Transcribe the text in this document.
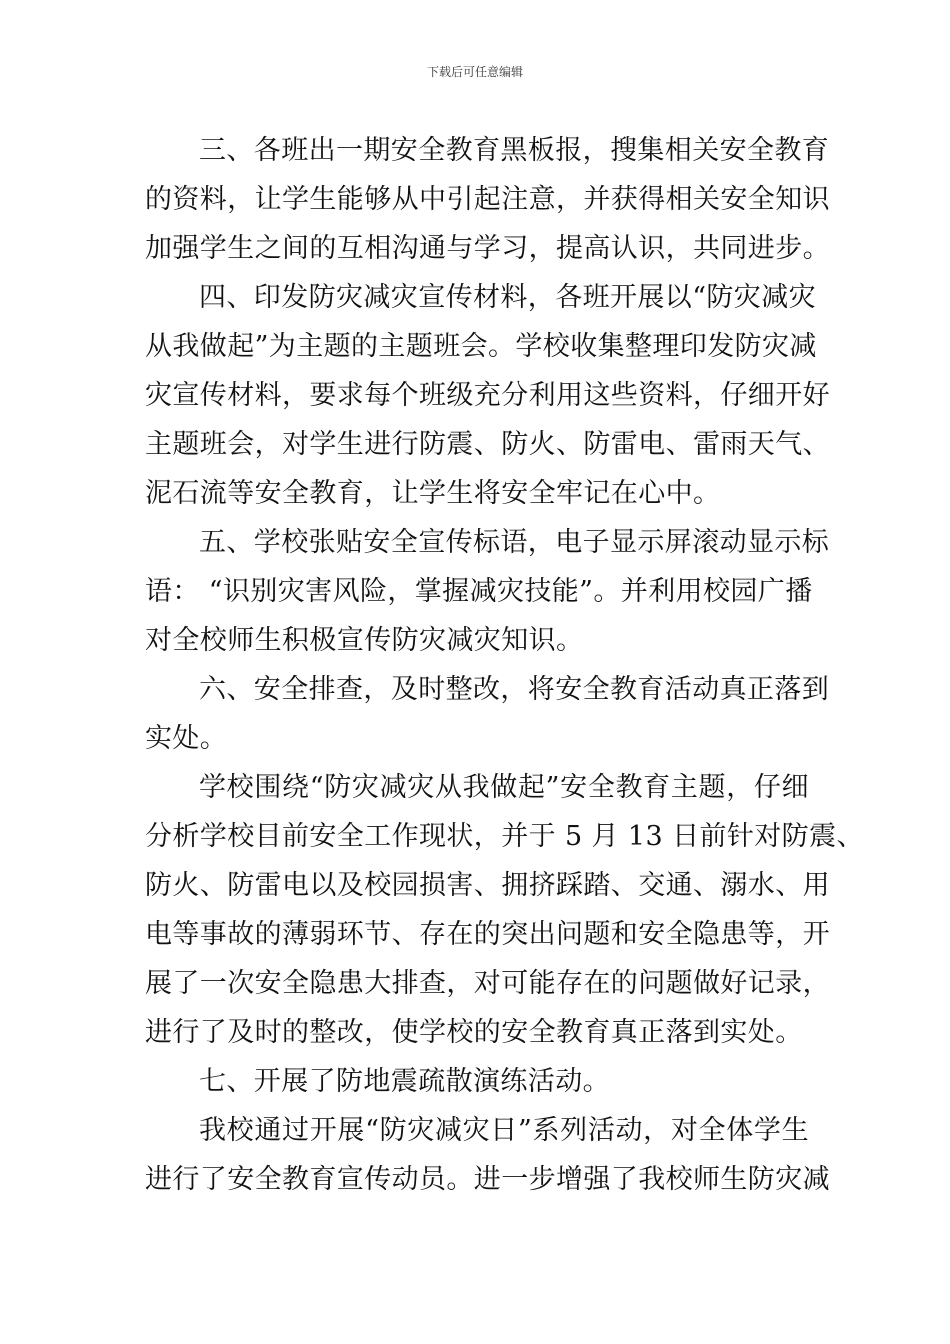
下载后可任意编辑
三、各班出一期安全教育黑板报，搜集相关安全教育
的资料，让学生能够从中引起注意，并获得相关安全知识
加强学生之间的互相沟通与学习，提高认识，共同进步。
四、印发防灾减灾宣传材料，各班开展以“防灾减灾
从我做起”为主题的主题班会。学校收集整理印发防灾减
灾宣传材料，要求每个班级充分利用这些资料，仔细开好
主题班会，对学生进行防震、防火、防雷电、雷雨天气、
泥石流等安全教育，让学生将安全牢记在心中。
五、学校张贴安全宣传标语，电子显示屏滚动显示标
语： “识别灾害风险，掌握减灾技能”。并利用校园广播
对全校师生积极宣传防灾减灾知识。
六、安全排查，及时整改，将安全教育活动真正落到
实处。
学校围绕“防灾减灾从我做起”安全教育主题，仔细
分析学校目前安全工作现状，并于 5 月 13 日前针对防震、
防火、防雷电以及校园损害、拥挤踩踏、交通、溺水、用
电等事故的薄弱环节、存在的突出问题和安全隐患等，开
展了一次安全隐患大排查，对可能存在的问题做好记录，
进行了及时的整改，使学校的安全教育真正落到实处。
七、开展了防地震疏散演练活动。
我校通过开展“防灾减灾日”系列活动，对全体学生
进行了安全教育宣传动员。进一步增强了我校师生防灾减
